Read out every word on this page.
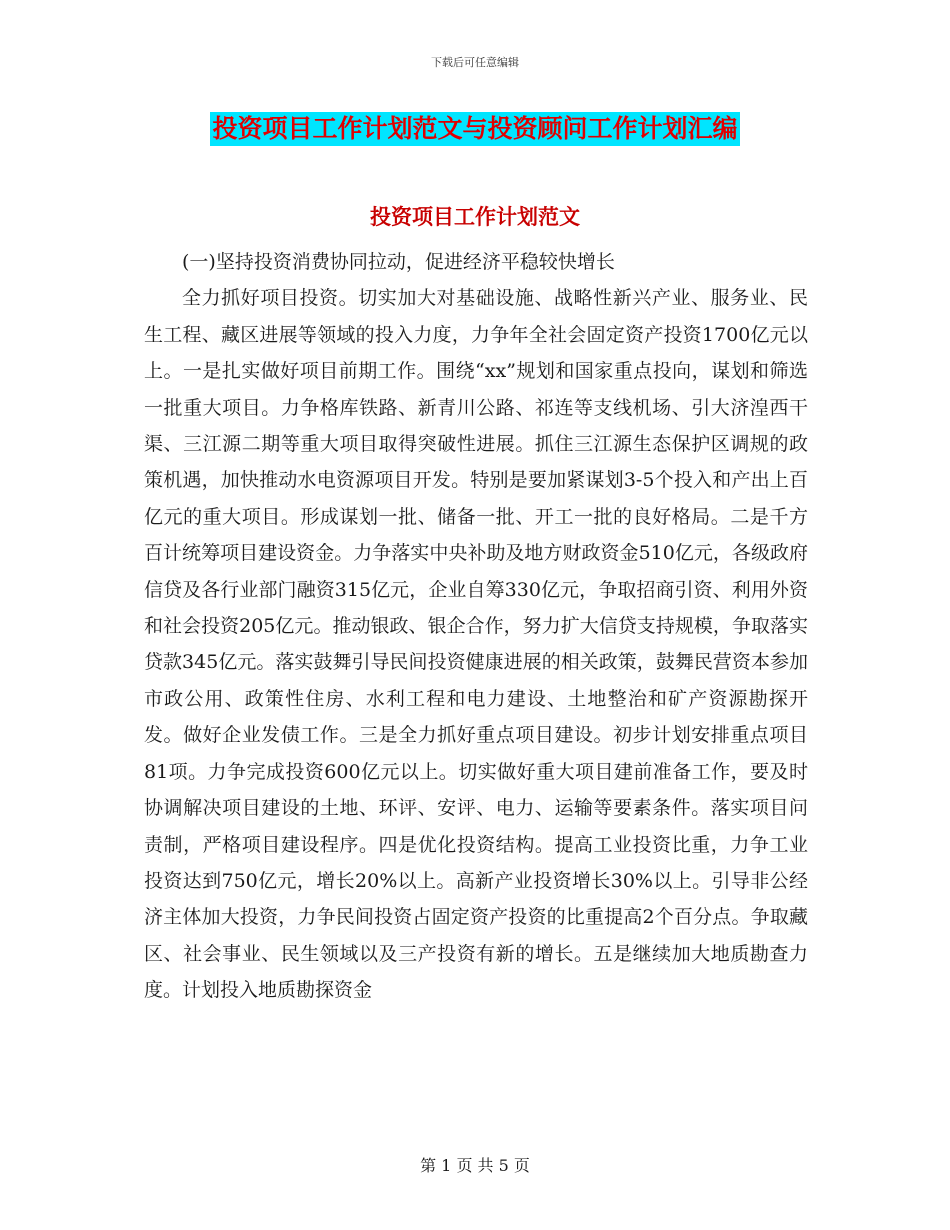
下载后可任意编辑
投资项目工作计划范文与投资顾问工作计划汇编
投资项目工作计划范文

(一)坚持投资消费协同拉动，促进经济平稳较快增长

全力抓好项目投资。切实加大对基础设施、战略性新兴产业、服务业、民生工程、藏区进展等领域的投入力度，力争年全社会固定资产投资1700亿元以上。一是扎实做好项目前期工作。围绕“xx”规划和国家重点投向，谋划和筛选一批重大项目。力争格库铁路、新青川公路、祁连等支线机场、引大济湟西干渠、三江源二期等重大项目取得突破性进展。抓住三江源生态保护区调规的政策机遇，加快推动水电资源项目开发。特别是要加紧谋划3-5个投入和产出上百亿元的重大项目。形成谋划一批、储备一批、开工一批的良好格局。二是千方百计统筹项目建设资金。力争落实中央补助及地方财政资金510亿元，各级政府信贷及各行业部门融资315亿元，企业自筹330亿元，争取招商引资、利用外资和社会投资205亿元。推动银政、银企合作，努力扩大信贷支持规模，争取落实贷款345亿元。落实鼓舞引导民间投资健康进展的相关政策，鼓舞民营资本参加市政公用、政策性住房、水利工程和电力建设、土地整治和矿产资源勘探开发。做好企业发债工作。三是全力抓好重点项目建设。初步计划安排重点项目81项。力争完成投资600亿元以上。切实做好重大项目建前准备工作，要及时协调解决项目建设的土地、环评、安评、电力、运输等要素条件。落实项目问责制，严格项目建设程序。四是优化投资结构。提高工业投资比重，力争工业投资达到750亿元，增长20%以上。高新产业投资增长30%以上。引导非公经济主体加大投资，力争民间投资占固定资产投资的比重提高2个百分点。争取藏区、社会事业、民生领域以及三产投资有新的增长。五是继续加大地质勘查力度。计划投入地质勘探资金

第 1 页 共 5 页
